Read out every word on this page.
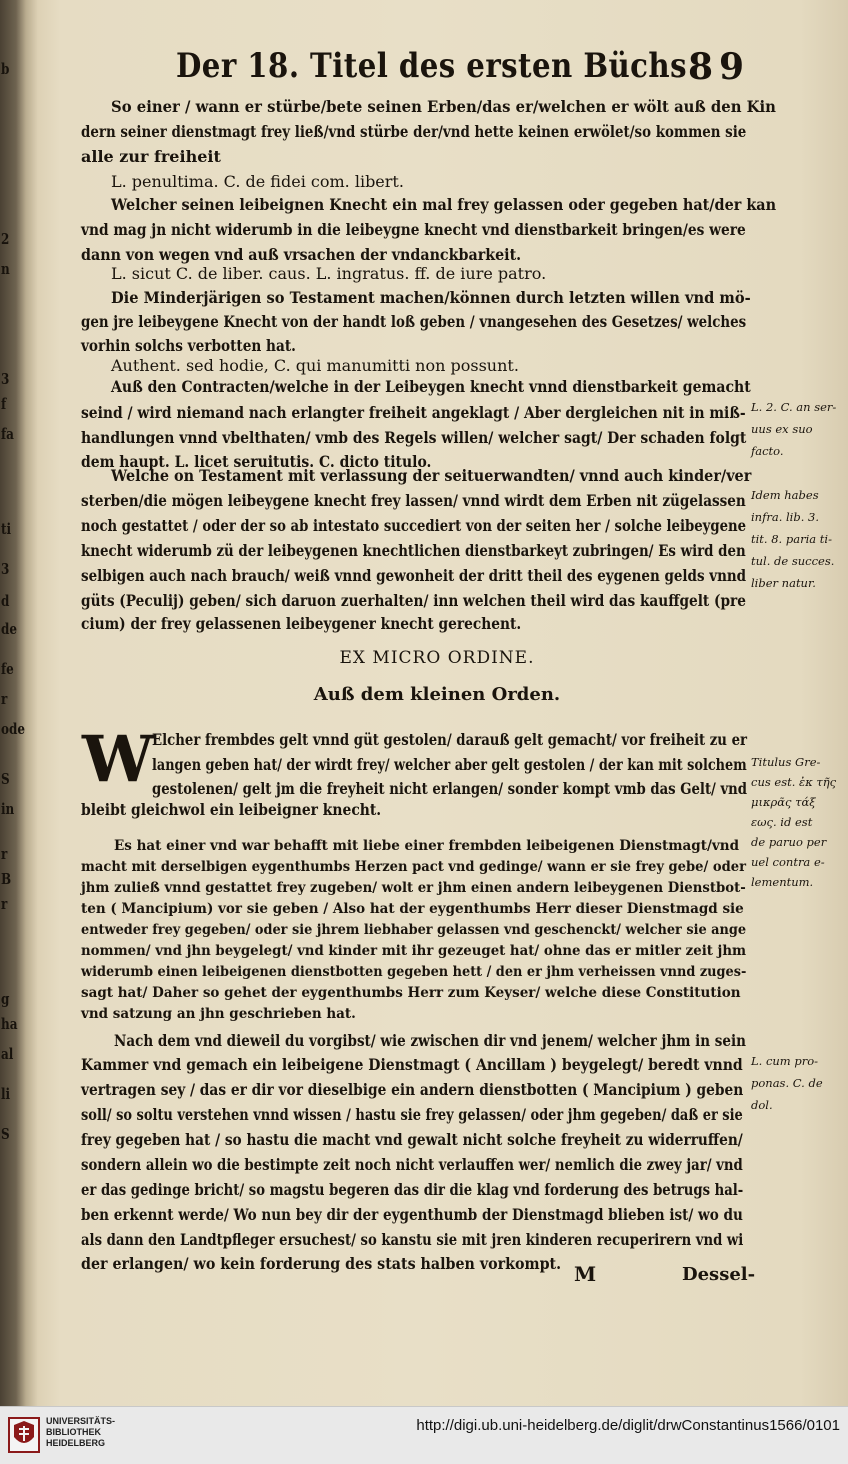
b
2
n
3
f
fa
ti
3
d
de
fe
r
ode
S
in
r
B
r
g
ha
al
li
S
Der 18. Titel des ersten Büchs 89
So einer / wann er stürbe/bete seinen Erben/das er/welchen er wölt auß den Kin
dern seiner dienstmagt frey ließ/vnd stürbe der/vnd hette keinen erwölet/so kommen sie
alle zur freiheit
L. penultima. C. de fidei com. libert.
Welcher seinen leibeignen Knecht ein mal frey gelassen oder gegeben hat/der kan
vnd mag jn nicht widerumb in die leibeygne knecht vnd dienstbarkeit bringen/es were
dann von wegen vnd auß vrsachen der vndanckbarkeit.
L. sicut C. de liber. caus. L. ingratus. ff. de iure patro.
Die Minderjärigen so Testament machen/können durch letzten willen vnd mö-
gen jre leibeygene Knecht von der handt loß geben / vnangesehen des Gesetzes/ welches
vorhin solchs verbotten hat.
Authent. sed hodie, C. qui manumitti non possunt.
Auß den Contracten/welche in der Leibeygen knecht vnnd dienstbarkeit gemacht
seind / wird niemand nach erlangter freiheit angeklagt / Aber dergleichen nit in miß-
handlungen vnnd vbelthaten/ vmb des Regels willen/ welcher sagt/ Der schaden folgt
dem haupt. L. licet seruitutis. C. dicto titulo.
Welche on Testament mit verlassung der seituerwandten/ vnnd auch kinder/ver
sterben/die mögen leibeygene knecht frey lassen/ vnnd wirdt dem Erben nit zügelassen
noch gestattet / oder der so ab intestato succediert von der seiten her / solche leibeygene
knecht widerumb zü der leibeygenen knechtlichen dienstbarkeyt zubringen/ Es wird den
selbigen auch nach brauch/ weiß vnnd gewonheit der dritt theil des eygenen gelds vnnd
güts (Peculij) geben/ sich daruon zuerhalten/ inn welchen theil wird das kauffgelt (pre
cium) der frey gelassenen leibeygener knecht gerechent.
Elcher frembdes gelt vnnd güt gestolen/ darauß gelt gemacht/ vor freiheit zu er
langen geben hat/ der wirdt frey/ welcher aber gelt gestolen / der kan mit solchem
gestolenen/ gelt jm die freyheit nicht erlangen/ sonder kompt vmb das Gelt/ vnd
bleibt gleichwol ein leibeigner knecht.
Es hat einer vnd war behafft mit liebe einer frembden leibeigenen Dienstmagt/vnd
macht mit derselbigen eygenthumbs Herzen pact vnd gedinge/ wann er sie frey gebe/ oder
jhm zuließ vnnd gestattet frey zugeben/ wolt er jhm einen andern leibeygenen Dienstbot-
ten ( Mancipium) vor sie geben / Also hat der eygenthumbs Herr dieser Dienstmagd sie
entweder frey gegeben/ oder sie jhrem liebhaber gelassen vnd geschenckt/ welcher sie ange
nommen/ vnd jhn beygelegt/ vnd kinder mit ihr gezeuget hat/ ohne das er mitler zeit jhm
widerumb einen leibeigenen dienstbotten gegeben hett / den er jhm verheissen vnnd zuges-
sagt hat/ Daher so gehet der eygenthumbs Herr zum Keyser/ welche diese Constitution
vnd satzung an jhn geschrieben hat.
Nach dem vnd dieweil du vorgibst/ wie zwischen dir vnd jenem/ welcher jhm in sein
Kammer vnd gemach ein leibeigene Dienstmagt ( Ancillam ) beygelegt/ beredt vnnd
vertragen sey / das er dir vor dieselbige ein andern dienstbotten ( Mancipium ) geben
soll/ so soltu verstehen vnnd wissen / hastu sie frey gelassen/ oder jhm gegeben/ daß er sie
frey gegeben hat / so hastu die macht vnd gewalt nicht solche freyheit zu widerruffen/
sondern allein wo die bestimpte zeit noch nicht verlauffen wer/ nemlich die zwey jar/ vnd
er das gedinge bricht/ so magstu begeren das dir die klag vnd forderung des betrugs hal-
ben erkennt werde/ Wo nun bey dir der eygenthumb der Dienstmagd blieben ist/ wo du
als dann den Landtpfleger ersuchest/ so kanstu sie mit jren kinderen recuperirern vnd wi
der erlangen/ wo kein forderung des stats halben vorkompt.
L. 2. C. an ser-
uus ex suo
facto.
Idem habes
infra. lib. 3.
tit. 8. paria ti-
tul. de succes.
liber natur.
Titulus Gre-
cus est. ἐκ τῆς
μικρᾶς τάξ
εως. id est
de paruo per
uel contra e-
lementum.
L. cum pro-
ponas. C. de
dol.
EX MICRO ORDINE.
Auß dem kleinen Orden.
W
M	Dessel-
UNIVERSITÄTS-
BIBLIOTHEK
HEIDELBERG
http://digi.ub.uni-heidelberg.de/diglit/drwConstantinus1566/0101
